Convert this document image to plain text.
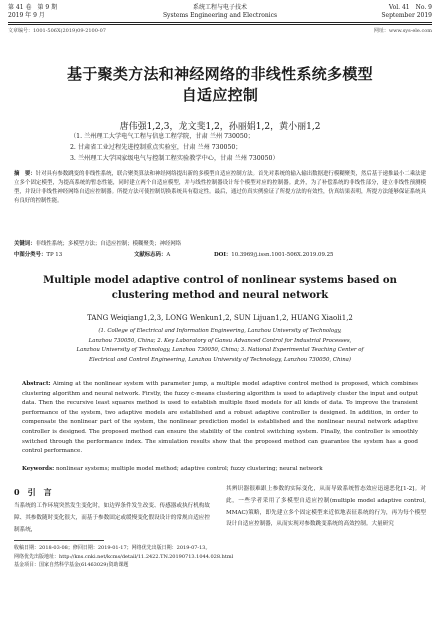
第 41 卷　第 9 期
2019 年 9 月
系统工程与电子技术
Systems Engineering and Electronics
Vol. 41　No. 9
September 2019
文章编号：1001-506X(2019)09-2100-07	网址：www.sys-ele.com
基于聚类方法和神经网络的非线性系统多模型
自适应控制
唐伟强1,2,3，龙文斐1,2，孙丽娟1,2，黄小丽1,2
（1. 兰州理工大学电气工程与信息工程学院，甘肃 兰州 730050；
2. 甘肃省工业过程先进控制重点实验室，甘肃 兰州 730050；
3. 兰州理工大学国家级电气与控制工程实验教学中心，甘肃 兰州 730050）
摘　要：针对具有参数跳变的非线性系统，联合聚类算法和神经网络提出新的多模型自适应控制方法。首先对系统的输入输出数据进行模糊聚类，然后基于递推最小二乘法建立多个固定模型，为提高系统的暂态性能，同时建立两个自适应模型，并与线性控制器设计每个模型对应的控制器。此外，为了补偿系统的非线性部分，建立非线性预测模型，并设计非线性神经网络自适应控制器。所提方法可使控制切换系统具有稳定性。最后，通过仿真实例验证了所提方法的有效性，仿真结果表明，所提方法能够保证系统具有良好的控制性能。
关键词：非线性系统；多模型方法；自适应控制；模糊聚类；神经网络
中图分类号：TP 13	文献标志码：A	DOI：10.3969/j.issn.1001-506X.2019.09.25
Multiple model adaptive control of nonlinear systems based on
clustering method and neural network
TANG Weiqiang1,2,3, LONG Wenkun1,2, SUN Lijuan1,2, HUANG Xiaoli1,2
(1. College of Electrical and Information Engineering, Lanzhou University of Technology,
Lanzhou 730050, China; 2. Key Laboratory of Gansu Advanced Control for Industrial Processes,
Lanzhou University of Technology, Lanzhou 730050, China; 3. National Experimental Teaching Center of
Electrical and Control Engineering, Lanzhou University of Technology, Lanzhou 730050, China)
Abstract: Aiming at the nonlinear system with parameter jump, a multiple model adaptive control method is proposed, which combines clustering algorithm and neural network. Firstly, the fuzzy c-means clustering algorithm is used to adaptively cluster the input and output data. Then the recursive least squares method is used to establish multiple fixed models for all kinds of data. To improve the transient performance of the system, two adaptive models are established and a robust adaptive controller is designed. In addition, in order to compensate the nonlinear part of the system, the nonlinear prediction model is established and the nonlinear neural network adaptive controller is designed. The proposed method can ensure the stability of the control switching system. Finally, the controller is smoothly switched through the performance index. The simulation results show that the proposed method can guarantee the system has a good control performance.
Keywords: nonlinear systems; multiple model method; adaptive control; fuzzy clustering; neural network
0　引　言
当系统的工作环境突然发生变化时，如边界条件发生改变、传感器或执行机构故障、其参数随时变化很大，而基于参数固定或缓慢变化假设设计的常规自适应控制系统，
其辨识器很难跟上参数的实际变化，从而导致系统暂态效应迅速恶化[1-2]。对此，一些学者采用了多模型自适应控制(multiple model adaptive control, MMAC)策略，即先建立多个固定模型来近似地表征系统的行为，再为每个模型设计自适应控制器，从而实现对参数跳变系统的高效控制。大量研究
收稿日期：2018-03-08；修回日期：2019-01-17；网络优先出版日期：2019-07-13。
网络优先出版地址：http://kns.cnki.net/kcms/detail/11.2422.TN.20190713.1044.028.html
基金项目：国家自然科学基金(61463029)资助课题
